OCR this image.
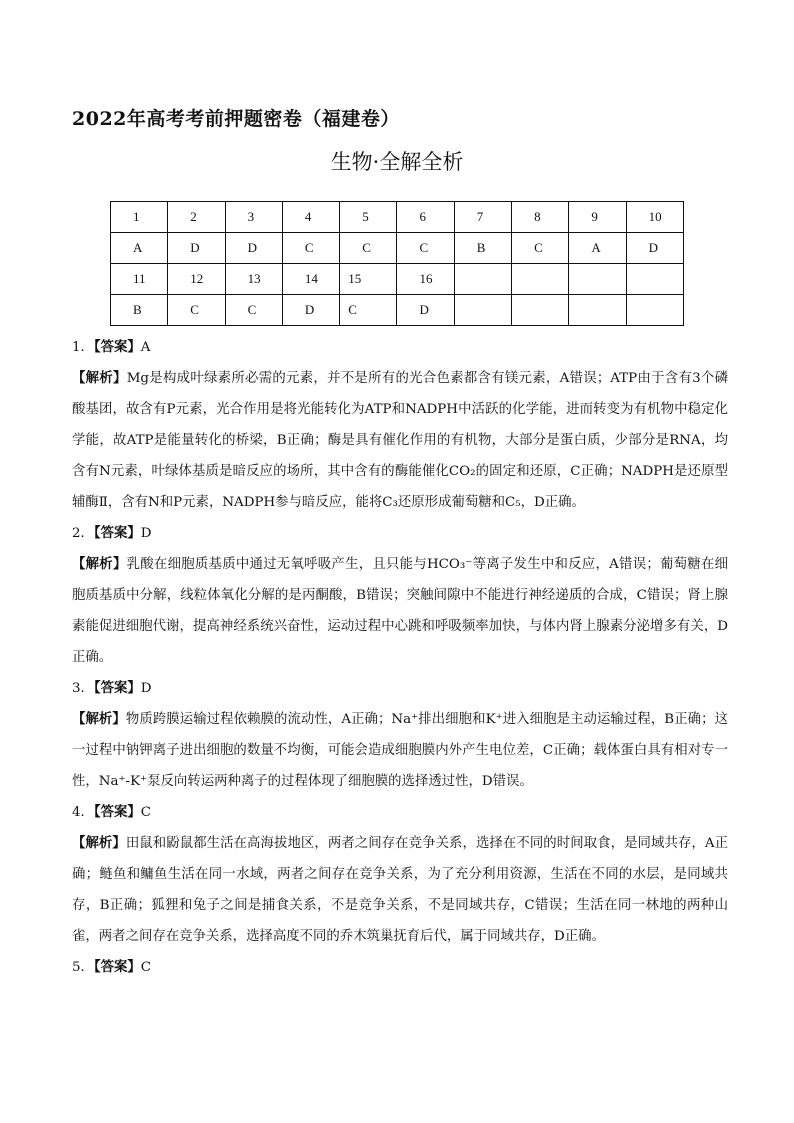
2022年高考考前押题密卷（福建卷）
生物·全解全析
1	2	3	4	5	6	7	8	9	10
A	D	D	C	C	C	B	C	A	D
11	12	13	14	15	16				
B	C	C	D	C	D				

1．【答案】A

【解析】Mg是构成叶绿素所必需的元素，并不是所有的光合色素都含有镁元素，A错误；ATP由于含有3个磷酸基团，故含有P元素，光合作用是将光能转化为ATP和NADPH中活跃的化学能，进而转变为有机物中稳定化学能，故ATP是能量转化的桥梁，B正确；酶是具有催化作用的有机物，大部分是蛋白质，少部分是RNA，均含有N元素，叶绿体基质是暗反应的场所，其中含有的酶能催化CO₂的固定和还原，C正确；NADPH是还原型辅酶Ⅱ，含有N和P元素，NADPH参与暗反应，能将C₃还原形成葡萄糖和C₅，D正确。

2．【答案】D

【解析】乳酸在细胞质基质中通过无氧呼吸产生，且只能与HCO₃⁻等离子发生中和反应，A错误；葡萄糖在细胞质基质中分解，线粒体氧化分解的是丙酮酸，B错误；突触间隙中不能进行神经递质的合成，C错误；肾上腺素能促进细胞代谢，提高神经系统兴奋性，运动过程中心跳和呼吸频率加快，与体内肾上腺素分泌增多有关，D正确。

3．【答案】D

【解析】物质跨膜运输过程依赖膜的流动性，A正确；Na⁺排出细胞和K⁺进入细胞是主动运输过程，B正确；这一过程中钠钾离子进出细胞的数量不均衡，可能会造成细胞膜内外产生电位差，C正确；载体蛋白具有相对专一性，Na⁺-K⁺泵反向转运两种离子的过程体现了细胞膜的选择透过性，D错误。

4．【答案】C

【解析】田鼠和鼢鼠都生活在高海拔地区，两者之间存在竞争关系，选择在不同的时间取食，是同域共存，A正确；鲢鱼和鳙鱼生活在同一水域，两者之间存在竞争关系，为了充分利用资源，生活在不同的水层，是同域共存，B正确；狐狸和兔子之间是捕食关系，不是竞争关系，不是同域共存，C错误；生活在同一林地的两种山雀，两者之间存在竞争关系，选择高度不同的乔木筑巢抚育后代，属于同域共存，D正确。

5．【答案】C
